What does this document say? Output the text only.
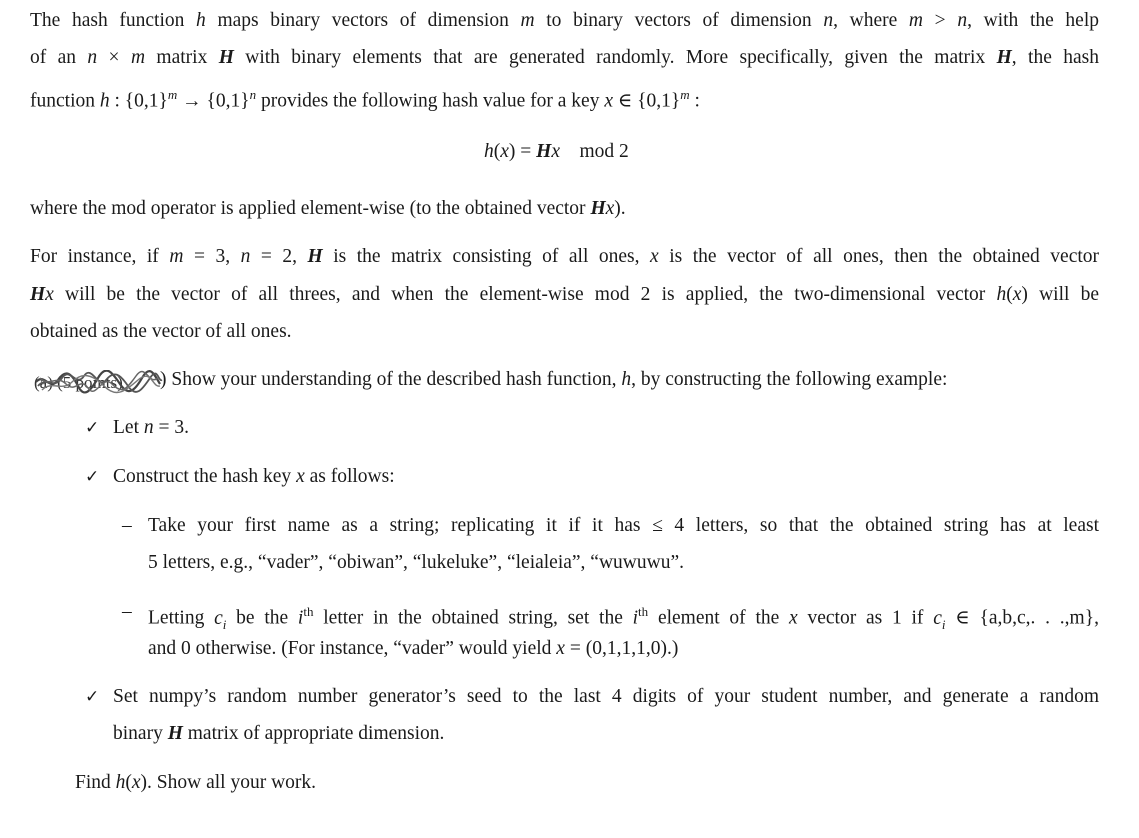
The hash function h maps binary vectors of dimension m to binary vectors of dimension n, where m > n, with the help
of an n × m matrix H with binary elements that are generated randomly. More specifically, given the matrix H, the hash
function h : $\{0,1\}^m \to \{0,1\}^n$ provides the following hash value for a key x ∈ $\{0,1\}^m$ :
h(x) = Hx    mod 2
where the mod operator is applied element-wise (to the obtained vector Hx).
For instance, if m = 3, n = 2, H is the matrix consisting of all ones, x is the vector of all ones, then the obtained vector
Hx will be the vector of all threes, and when the element-wise mod 2 is applied, the two-dimensional vector h(x) will be
obtained as the vector of all ones.
(a) (5 points) ) Show your understanding of the described hash function, h, by constructing the following example:
✓ Let n = 3.
✓ Construct the hash key x as follows:
– Take your first name as a string; replicating it if it has ≤ 4 letters, so that the obtained string has at least
5 letters, e.g., “vader”, “obiwan”, “lukeluke”, “leialeia”, “wuwuwu”.
– Letting $c_i$ be the $i^{th}$ letter in the obtained string, set the $i^{th}$ element of the x vector as 1 if $c_i$ ∈ {a,b,c,. . .,m},
and 0 otherwise. (For instance, “vader” would yield x = (0,1,1,1,0).)
✓ Set numpy’s random number generator’s seed to the last 4 digits of your student number, and generate a random
binary H matrix of appropriate dimension.
Find h(x). Show all your work.
